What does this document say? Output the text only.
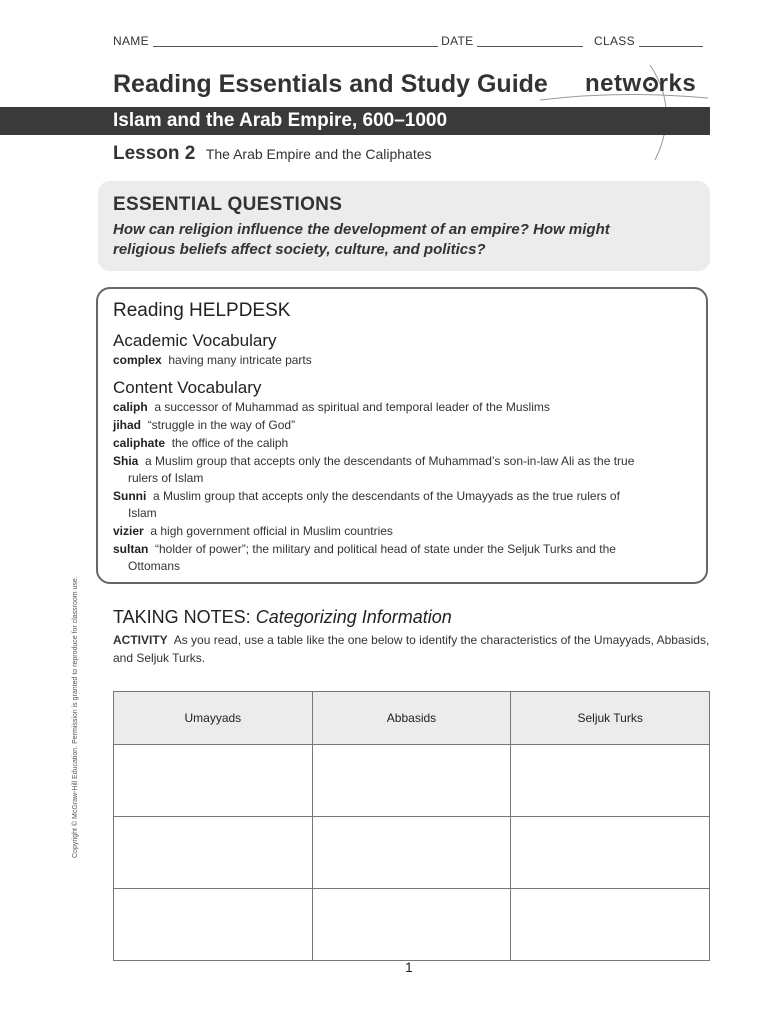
NAME	DATE	CLASS
Reading Essentials and Study Guide netw rks
Islam and the Arab Empire, 600–1000
Lesson 2 The Arab Empire and the Caliphates
ESSENTIAL QUESTIONS
How can religion influence the development of an empire? How might religious beliefs affect society, culture, and politics?
Reading HELPDESK
Academic Vocabulary
complex having many intricate parts
Content Vocabulary
caliph a successor of Muhammad as spiritual and temporal leader of the Muslims
jihad “struggle in the way of God”
caliphate the office of the caliph
Shia a Muslim group that accepts only the descendants of Muhammad’s son-in-law Ali as the true
rulers of Islam
Sunni a Muslim group that accepts only the descendants of the Umayyads as the true rulers of
Islam
vizier a high government official in Muslim countries
sultan “holder of power”; the military and political head of state under the Seljuk Turks and the
Ottomans
Copyright © McGraw-Hill Education. Permission is granted to reproduce for classroom use. TAKING NOTES: Categorizing Information
ACTIVITY As you read, use a table like the one below to identify the characteristics of the Umayyads, Abbasids, and Seljuk Turks.
Umayyads	Abbasids	Seljuk Turks

1
